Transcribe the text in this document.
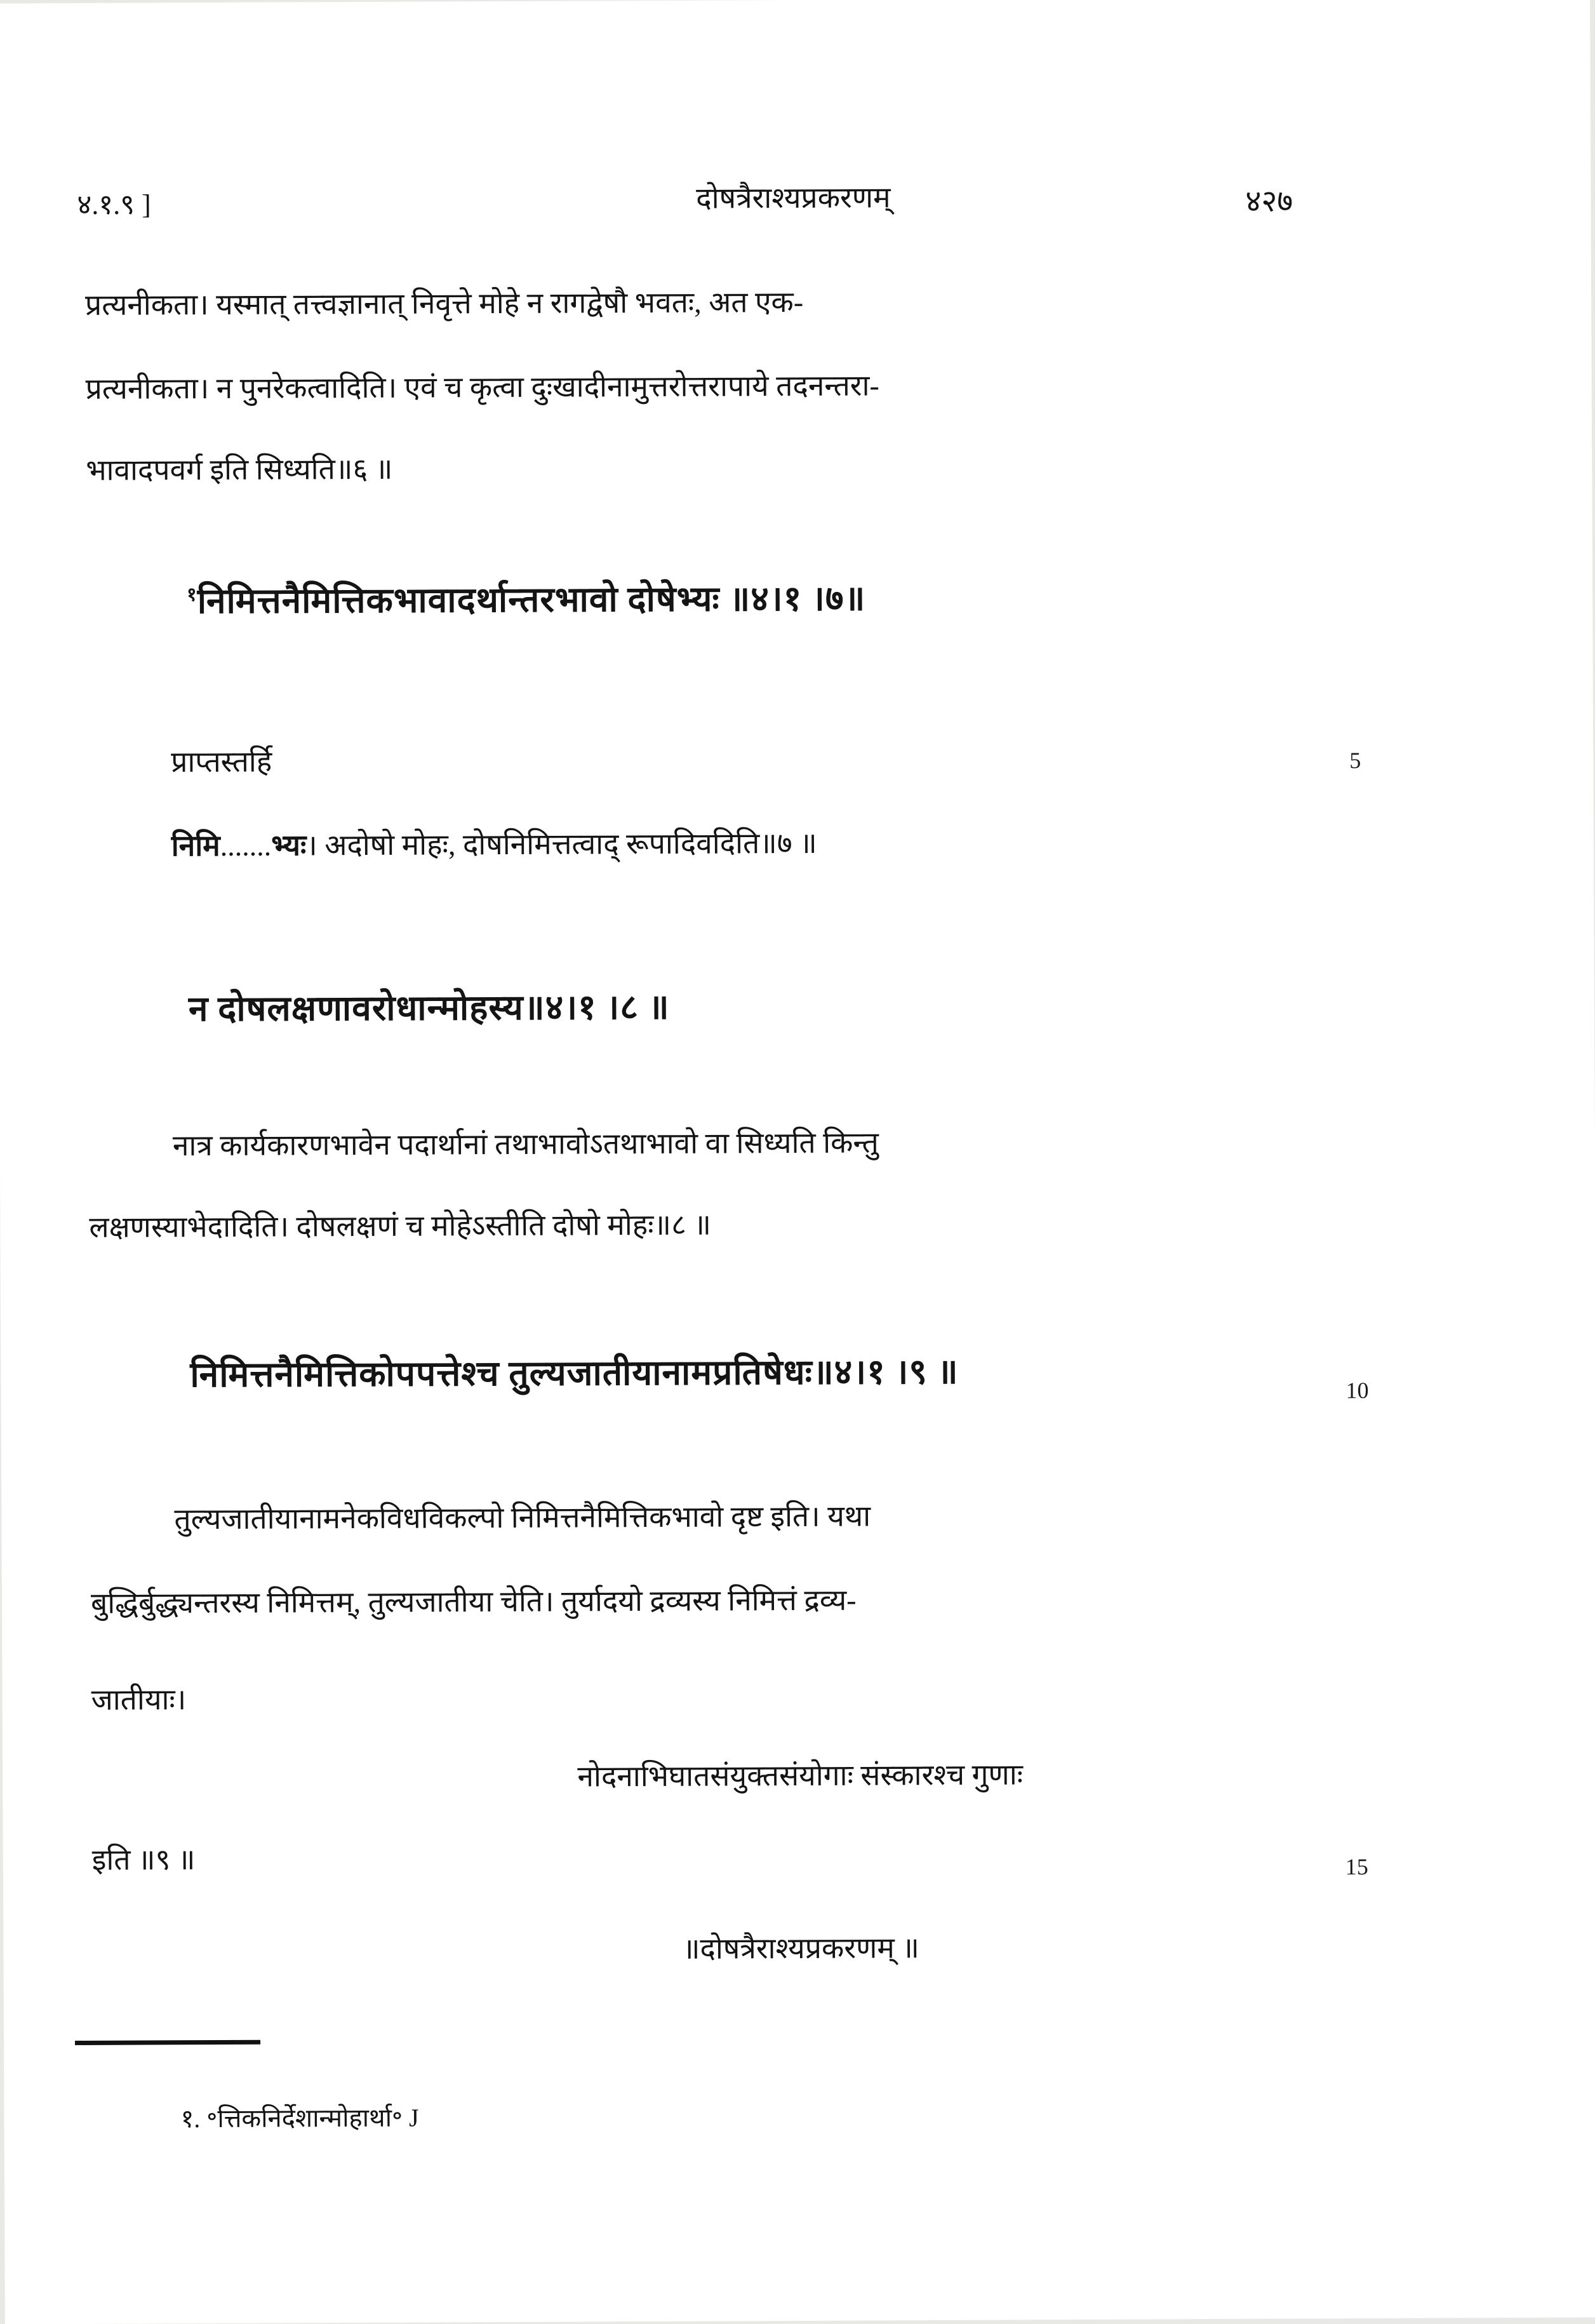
४.१.९ ]	दोषत्रैराश्यप्रकरणम्	४२७
प्रत्यनीकता। यस्मात् तत्त्वज्ञानात् निवृत्ते मोहे न रागद्वेषौ भवतः, अत एक-
प्रत्यनीकता। न पुनरेकत्वादिति। एवं च कृत्वा दुःखादीनामुत्तरोत्तरापाये तदनन्तरा-
भावादपवर्ग इति सिध्यति॥६ ॥
$^१$निमित्तनैमित्तिकभावादर्थान्तरभावो दोषेभ्यः ॥४।१ ।७॥
प्राप्तस्तर्हि
निमि.......भ्यः। अदोषो मोहः, दोषनिमित्तत्वाद् रूपादिवदिति॥७ ॥
न दोषलक्षणावरोधान्मोहस्य॥४।१ ।८ ॥
नात्र कार्यकारणभावेन पदार्थानां तथाभावोऽतथाभावो वा सिध्यति किन्तु
लक्षणस्याभेदादिति। दोषलक्षणं च मोहेऽस्तीति दोषो मोहः॥८ ॥
निमित्तनैमित्तिकोपपत्तेश्च तुल्यजातीयानामप्रतिषेधः॥४।१ ।९ ॥
तुल्यजातीयानामनेकविधविकल्पो निमित्तनैमित्तिकभावो दृष्ट इति। यथा
बुद्धिर्बुद्ध्यन्तरस्य निमित्तम्, तुल्यजातीया चेति। तुर्यादयो द्रव्यस्य निमित्तं द्रव्य-
जातीयाः।
नोदनाभिघातसंयुक्तसंयोगाः संस्कारश्च गुणाः
इति ॥९ ॥
॥दोषत्रैराश्यप्रकरणम् ॥
5
10
15
१. ॰त्तिकनिर्देशान्मोहार्था॰ J
